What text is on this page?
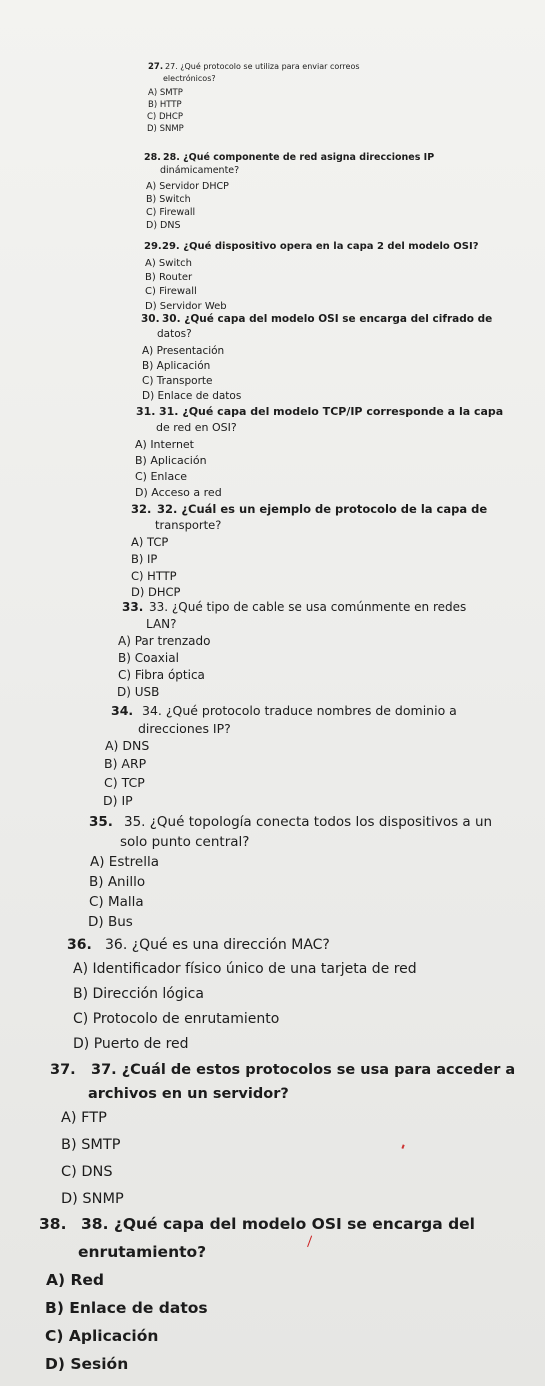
27. 27. ¿Qué protocolo se utiliza para enviar correos
electrónicos?
A) SMTP
B) HTTP
C) DHCP
D) SNMP
28. 28. ¿Qué componente de red asigna direcciones IP
dinámicamente?
A) Servidor DHCP
B) Switch
C) Firewall
D) DNS
29. 29. ¿Qué dispositivo opera en la capa 2 del modelo OSI?
A) Switch
B) Router
C) Firewall
D) Servidor Web
30. 30. ¿Qué capa del modelo OSI se encarga del cifrado de
datos?
A) Presentación
B) Aplicación
C) Transporte
D) Enlace de datos
31. 31. ¿Qué capa del modelo TCP/IP corresponde a la capa
de red en OSI?
A) Internet
B) Aplicación
C) Enlace
D) Acceso a red
32. 32. ¿Cuál es un ejemplo de protocolo de la capa de
transporte?
A) TCP
B) IP
C) HTTP
D) DHCP
33. 33. ¿Qué tipo de cable se usa comúnmente en redes
LAN?
A) Par trenzado
B) Coaxial
C) Fibra óptica
D) USB
34. 34. ¿Qué protocolo traduce nombres de dominio a
direcciones IP?
A) DNS
B) ARP
C) TCP
D) IP
35. 35. ¿Qué topología conecta todos los dispositivos a un
solo punto central?
A) Estrella
B) Anillo
C) Malla
D) Bus
36. 36. ¿Qué es una dirección MAC?
A) Identificador físico único de una tarjeta de red
B) Dirección lógica
C) Protocolo de enrutamiento
D) Puerto de red
37. 37. ¿Cuál de estos protocolos se usa para acceder a
archivos en un servidor?
A) FTP
B) SMTP
C) DNS
D) SNMP
38. 38. ¿Qué capa del modelo OSI se encarga del
enrutamiento?
A) Red
B) Enlace de datos
C) Aplicación
D) Sesión
